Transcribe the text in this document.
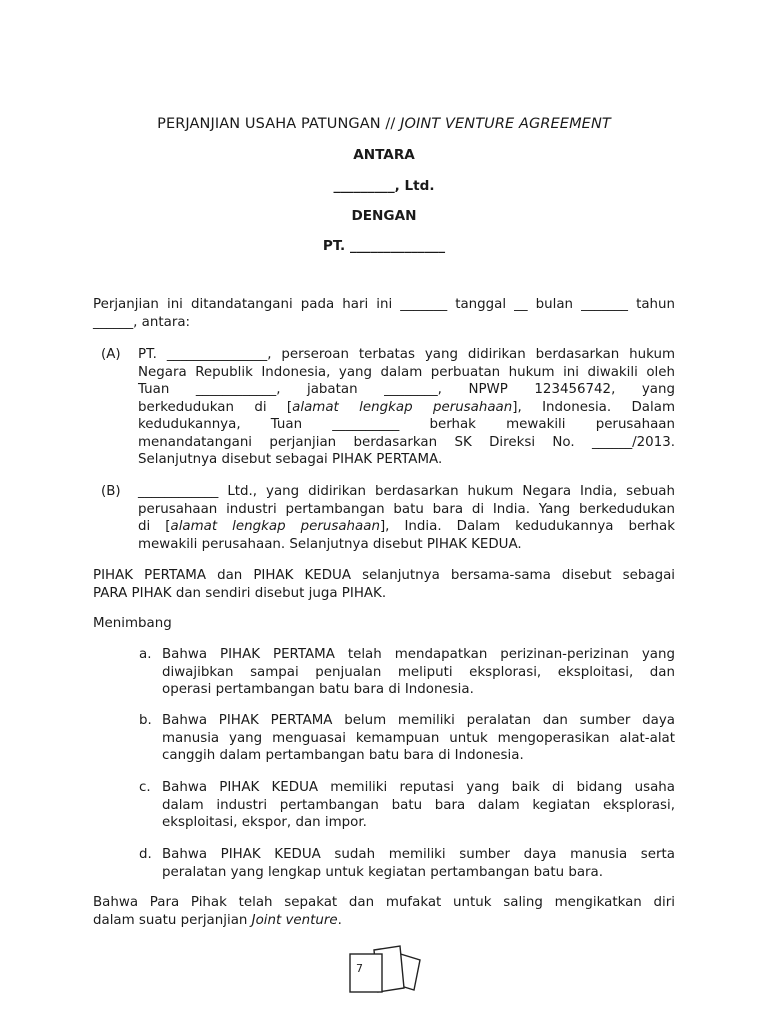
PERJANJIAN USAHA PATUNGAN // JOINT VENTURE AGREEMENT
ANTARA
_________, Ltd.
DENGAN
PT. ______________
Perjanjian ini ditandatangani pada hari ini _______ tanggal __ bulan _______ tahun
______, antara:
(A) PT. _______________, perseroan terbatas yang didirikan berdasarkan hukum
Negara Republik Indonesia, yang dalam perbuatan hukum ini diwakili oleh
Tuan ____________, jabatan ________, NPWP 123456742, yang
berkedudukan di [alamat lengkap perusahaan], Indonesia. Dalam
kedudukannya, Tuan __________ berhak mewakili perusahaan
menandatangani perjanjian berdasarkan SK Direksi No. ______/2013.
Selanjutnya disebut sebagai PIHAK PERTAMA.
(B) ____________ Ltd., yang didirikan berdasarkan hukum Negara India, sebuah
perusahaan industri pertambangan batu bara di India. Yang berkedudukan
di [alamat lengkap perusahaan], India. Dalam kedudukannya berhak
mewakili perusahaan. Selanjutnya disebut PIHAK KEDUA.
PIHAK PERTAMA dan PIHAK KEDUA selanjutnya bersama-sama disebut sebagai
PARA PIHAK dan sendiri disebut juga PIHAK.
Menimbang
a. Bahwa PIHAK PERTAMA telah mendapatkan perizinan-perizinan yang
diwajibkan sampai penjualan meliputi eksplorasi, eksploitasi, dan
operasi pertambangan batu bara di Indonesia.
b. Bahwa PIHAK PERTAMA belum memiliki peralatan dan sumber daya
manusia yang menguasai kemampuan untuk mengoperasikan alat-alat
canggih dalam pertambangan batu bara di Indonesia.
c. Bahwa PIHAK KEDUA memiliki reputasi yang baik di bidang usaha
dalam industri pertambangan batu bara dalam kegiatan eksplorasi,
eksploitasi, ekspor, dan impor.
d. Bahwa PIHAK KEDUA sudah memiliki sumber daya manusia serta
peralatan yang lengkap untuk kegiatan pertambangan batu bara.
Bahwa Para Pihak telah sepakat dan mufakat untuk saling mengikatkan diri
dalam suatu perjanjian Joint venture.
7
